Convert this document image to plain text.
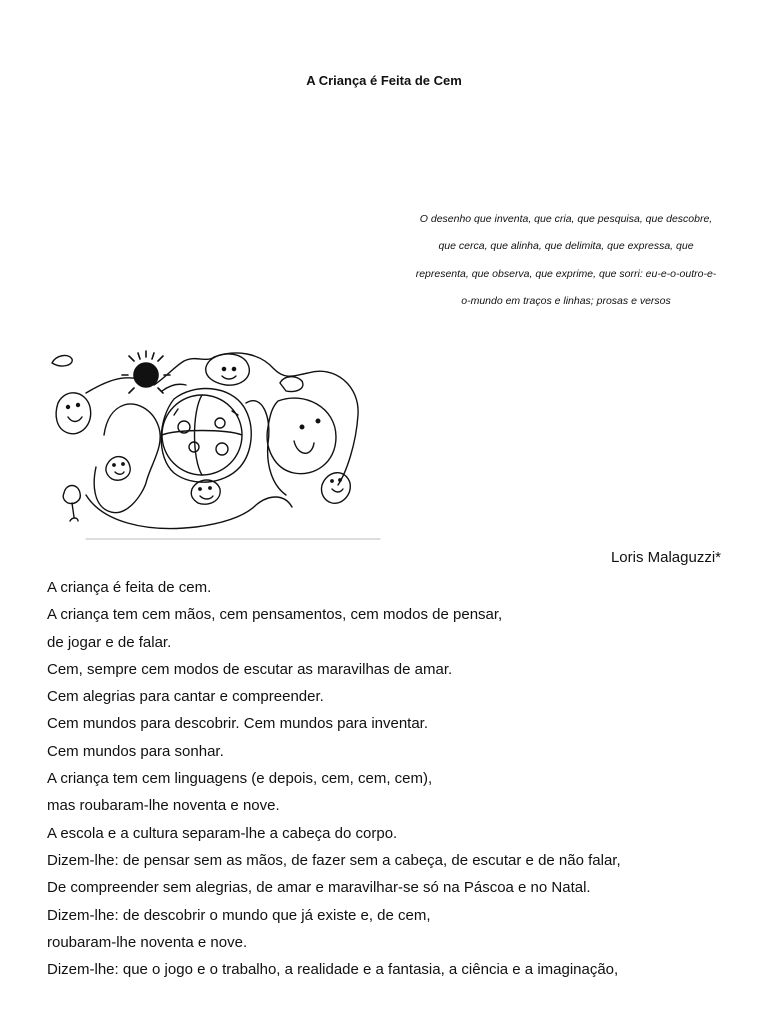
A Criança é Feita de Cem
O desenho que inventa, que cria, que pesquisa, que descobre,
que cerca, que alinha, que delimita, que expressa, que
representa, que observa, que exprime, que sorri: eu-e-o-outro-e-
o-mundo em traços e linhas; prosas e versos
Loris Malaguzzi*
A criança é feita de cem.
A criança tem cem mãos, cem pensamentos, cem modos de pensar,
de jogar e de falar.
Cem, sempre cem modos de escutar as maravilhas de amar.
Cem alegrias para cantar e compreender.
Cem mundos para descobrir. Cem mundos para inventar.
Cem mundos para sonhar.
A criança tem cem linguagens (e depois, cem, cem, cem),
mas roubaram-lhe noventa e nove.
A escola e a cultura separam-lhe a cabeça do corpo.
Dizem-lhe: de pensar sem as mãos, de fazer sem a cabeça, de escutar e de não falar,
De compreender sem alegrias, de amar e maravilhar-se só na Páscoa e no Natal.
Dizem-lhe: de descobrir o mundo que já existe e, de cem,
roubaram-lhe noventa e nove.
Dizem-lhe: que o jogo e o trabalho, a realidade e a fantasia, a ciência e a imaginação,
